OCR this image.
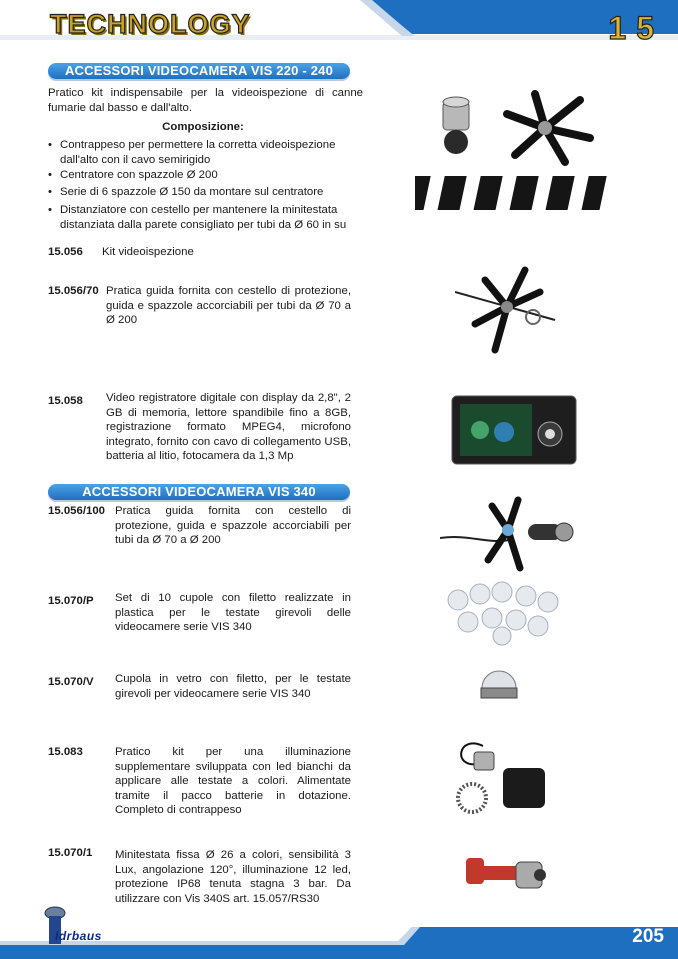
TECHNOLOGY	15
ACCESSORI VIDEOCAMERA VIS 220 - 240
Pratico kit indispensabile per la videoispezione di canne fumarie dal basso e dall'alto.
Composizione:
• Contrappeso per permettere la corretta videoispezione dall'alto con il cavo semirigido
• Centratore con spazzole Ø 200
• Serie di 6 spazzole Ø 150 da montare sul centratore
• Distanziatore con cestello per mantenere la minitestata distanziata dalla parete consigliato per tubi da Ø 60 in su
15.056 Kit videoispezione
15.056/70 Pratica guida fornita con cestello di protezione, guida e spazzole accorciabili per tubi da Ø 70 a Ø 200
15.058 Video registratore digitale con display da 2,8", 2 GB di memoria, lettore spandibile fino a 8GB, registrazione formato MPEG4, microfono integrato, fornito con cavo di collegamento USB, batteria al litio, fotocamera da 1,3 Mp
ACCESSORI VIDEOCAMERA VIS 340
15.056/100 Pratica guida fornita con cestello di protezione, guida e spazzole accorciabili per tubi da Ø 70 a Ø 200
15.070/P Set di 10 cupole con filetto realizzate in plastica per le testate girevoli delle videocamere serie VIS 340
15.070/V Cupola in vetro con filetto, per le testate girevoli per videocamere serie VIS 340
15.083	Pratico kit per una illuminazione supplementare sviluppata con led bianchi da applicare alle testate a colori. Alimentate tramite il pacco batterie in dotazione. Completo di contrappeso
15.070/1 Minitestata fissa Ø 26 a colori, sensibilità 3 Lux, angolazione 120°, illuminazione 12 led, protezione IP68 tenuta stagna 3 bar. Da utilizzare con Vis 340S art. 15.057/RS30
Idrbaus	205
